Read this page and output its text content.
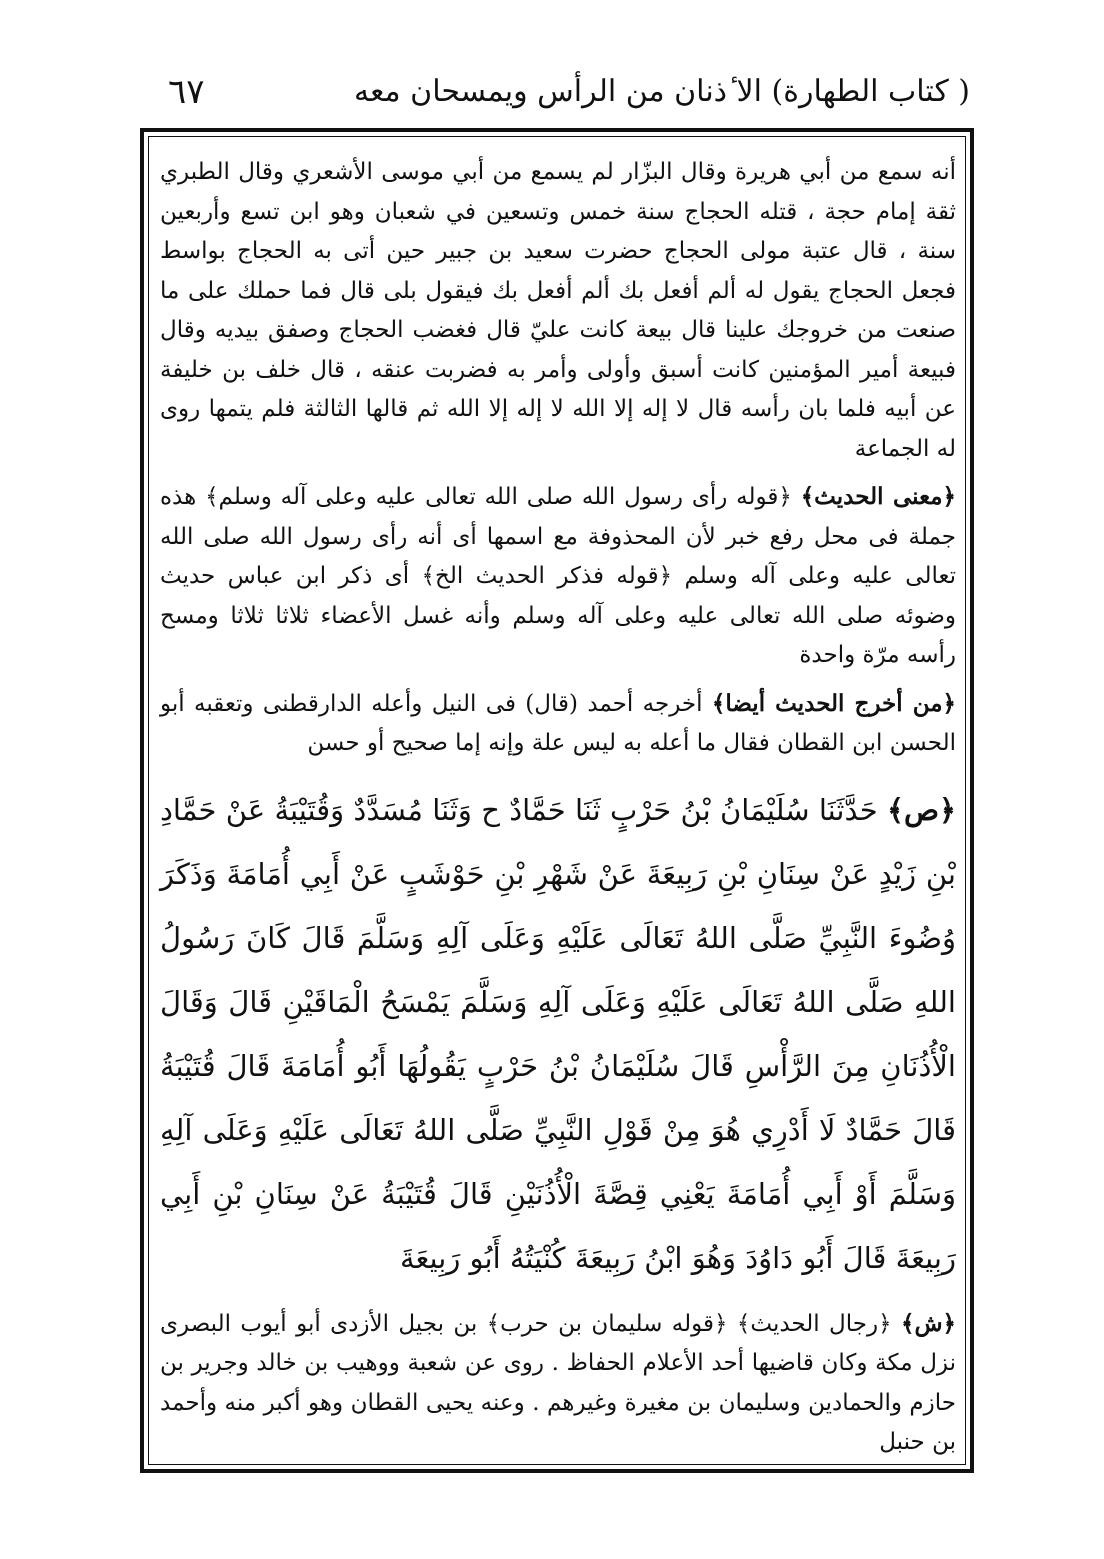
٦٧	( كتاب الطهارة) الا ٔذنان من الرأس ويمسحان معه

أنه سمع من أبي هريرة وقال البزّار لم يسمع من أبي موسى الأشعري وقال الطبري ثقة إمام حجة ، قتله الحجاج سنة خمس وتسعين في شعبان وهو ابن تسع وأربعين سنة ، قال عتبة مولى الحجاج حضرت سعيد بن جبير حين أتى به الحجاج بواسط فجعل الحجاج يقول له ألم أفعل بك ألم أفعل بك فيقول بلى قال فما حملك على ما صنعت من خروجك علينا قال بيعة كانت عليّ قال فغضب الحجاج وصفق بيديه وقال فبيعة أمير المؤمنين كانت أسبق وأولى وأمر به فضربت عنقه ، قال خلف بن خليفة عن أبيه فلما بان رأسه قال لا إله إلا الله لا إله إلا الله ثم قالها الثالثة فلم يتمها روى له الجماعة

﴿معنى الحديث﴾ ﴿قوله رأى رسول الله صلى الله تعالى عليه وعلى آله وسلم﴾ هذه جملة فى محل رفع خبر لأن المحذوفة مع اسمها أى أنه رأى رسول الله صلى الله تعالى عليه وعلى آله وسلم ﴿قوله فذكر الحديث الخ﴾ أى ذكر ابن عباس حديث وضوئه صلى الله تعالى عليه وعلى آله وسلم وأنه غسل الأعضاء ثلاثا ثلاثا ومسح رأسه مرّة واحدة

﴿من أخرج الحديث أيضا﴾ أخرجه أحمد (قال) فى النيل وأعله الدارقطنى وتعقبه أبو الحسن ابن القطان فقال ما أعله به ليس علة وإنه إما صحيح أو حسن

﴿ص﴾ حَدَّثَنَا سُلَيْمَانُ بْنُ حَرْبٍ ثَنَا حَمَّادٌ ح وَثَنَا مُسَدَّدٌ وَقُتَيْبَةُ عَنْ حَمَّادِ بْنِ زَيْدٍ عَنْ سِنَانِ بْنِ رَبِيعَةَ عَنْ شَهْرِ بْنِ حَوْشَبٍ عَنْ أَبِي أُمَامَةَ وَذَكَرَ وُضُوءَ النَّبِيِّ صَلَّى اللهُ تَعَالَى عَلَيْهِ وَعَلَى آلِهِ وَسَلَّمَ قَالَ كَانَ رَسُولُ اللهِ صَلَّى اللهُ تَعَالَى عَلَيْهِ وَعَلَى آلِهِ وَسَلَّمَ يَمْسَحُ الْمَاقَيْنِ قَالَ وَقَالَ الْأُذُنَانِ مِنَ الرَّأْسِ قَالَ سُلَيْمَانُ بْنُ حَرْبٍ يَقُولُهَا أَبُو أُمَامَةَ قَالَ قُتَيْبَةُ قَالَ حَمَّادٌ لَا أَدْرِي هُوَ مِنْ قَوْلِ النَّبِيِّ صَلَّى اللهُ تَعَالَى عَلَيْهِ وَعَلَى آلِهِ وَسَلَّمَ أَوْ أَبِي أُمَامَةَ يَعْنِي قِصَّةَ الْأُذُنَيْنِ قَالَ قُتَيْبَةُ عَنْ سِنَانِ بْنِ أَبِي رَبِيعَةَ قَالَ أَبُو دَاوُدَ وَهُوَ ابْنُ رَبِيعَةَ كُنْيَتُهُ أَبُو رَبِيعَةَ

﴿ش﴾ ﴿رجال الحديث﴾ ﴿قوله سليمان بن حرب﴾ بن بجيل الأزدى أبو أيوب البصرى نزل مكة وكان قاضيها أحد الأعلام الحفاظ . روى عن شعبة ووهيب بن خالد وجرير بن حازم والحمادين وسليمان بن مغيرة وغيرهم . وعنه يحيى القطان وهو أكبر منه وأحمد بن حنبل
